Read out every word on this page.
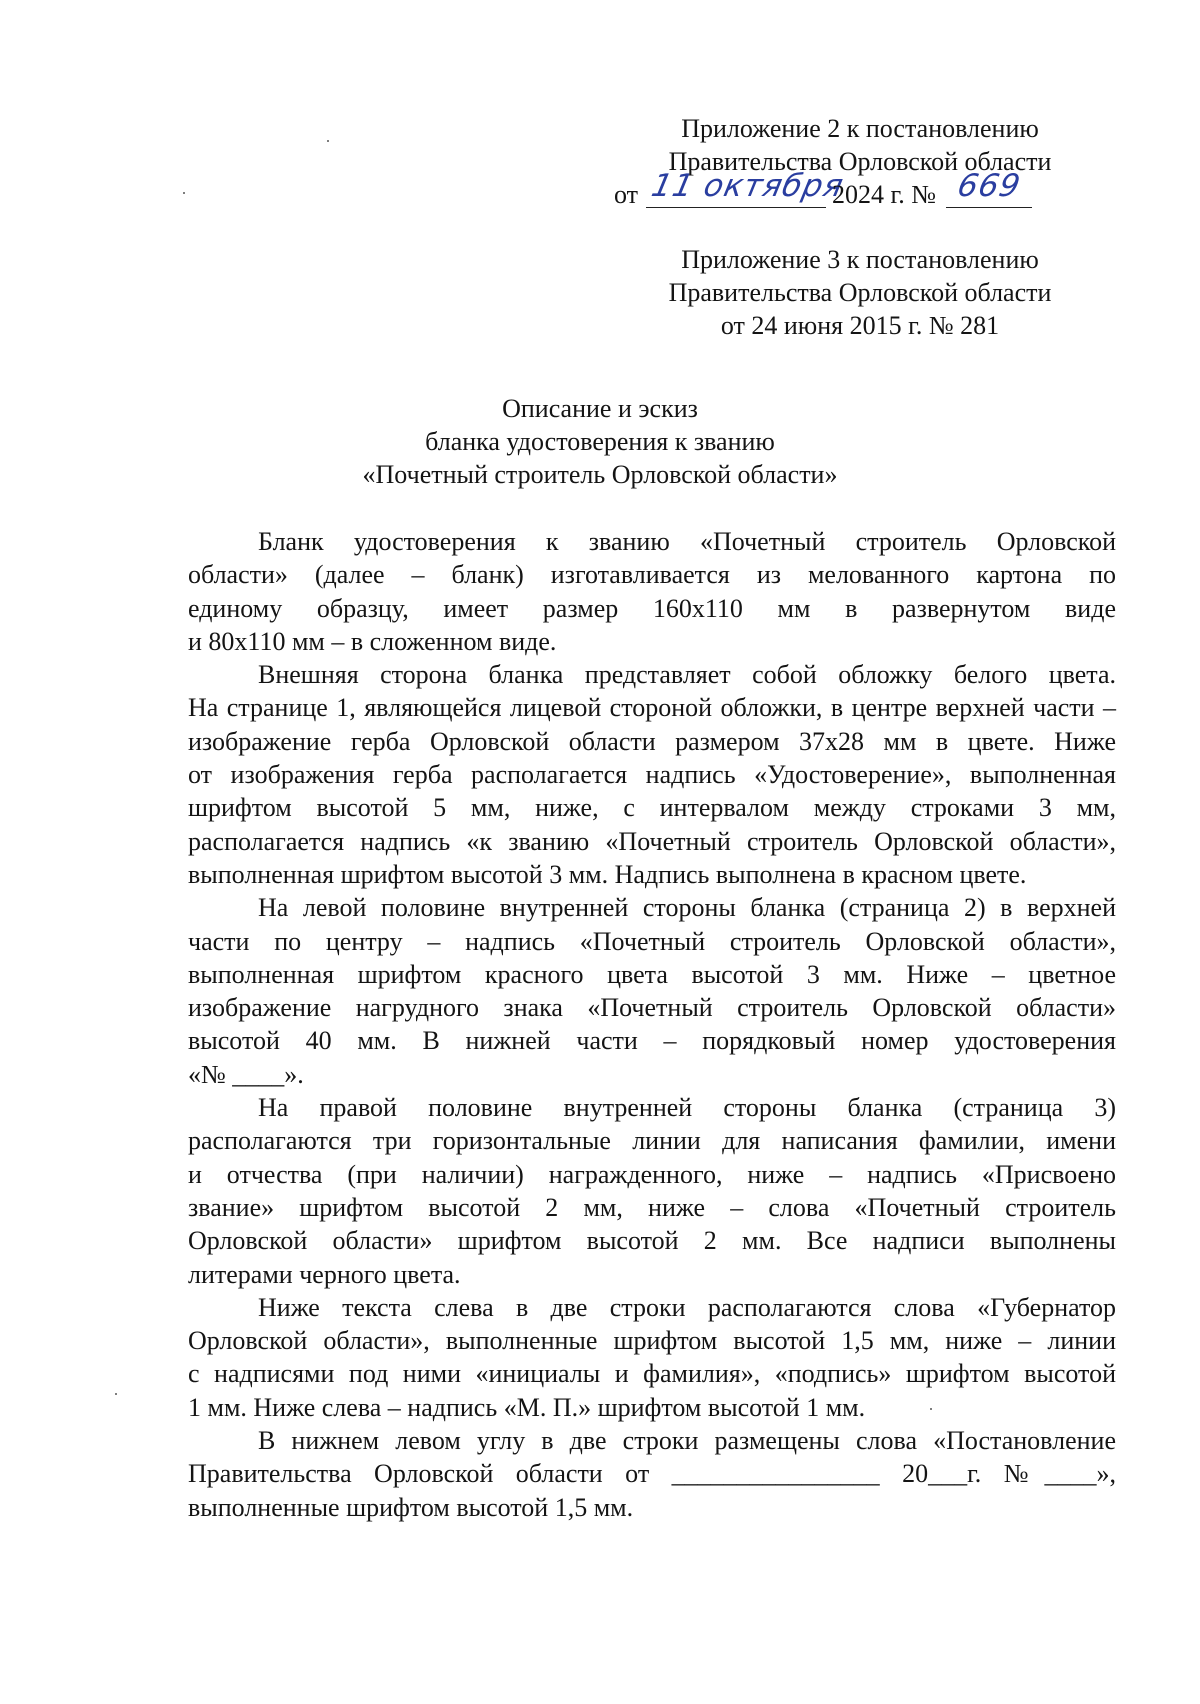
Приложение 2 к постановлению
Правительства Орловской области
от 11 октября
2024 г. № 669
Приложение 3 к постановлению
Правительства Орловской области
от 24 июня 2015 г. № 281
Описание и эскиз
бланка удостоверения к званию
«Почетный строитель Орловской области»
Бланк удостоверения к званию «Почетный строитель Орловской
области» (далее – бланк) изготавливается из мелованного картона по
единому образцу, имеет размер 160x110 мм в развернутом виде
и 80x110 мм – в сложенном виде.
Внешняя сторона бланка представляет собой обложку белого цвета.
На странице 1, являющейся лицевой стороной обложки, в центре верхней части –
изображение герба Орловской области размером 37x28 мм в цвете. Ниже
от изображения герба располагается надпись «Удостоверение», выполненная
шрифтом высотой 5 мм, ниже, с интервалом между строками 3 мм,
располагается надпись «к званию «Почетный строитель Орловской области»,
выполненная шрифтом высотой 3 мм. Надпись выполнена в красном цвете.
На левой половине внутренней стороны бланка (страница 2) в верхней
части по центру – надпись «Почетный строитель Орловской области»,
выполненная шрифтом красного цвета высотой 3 мм. Ниже – цветное
изображение нагрудного знака «Почетный строитель Орловской области»
высотой 40 мм. В нижней части – порядковый номер удостоверения
«№ ____».
На правой половине внутренней стороны бланка (страница 3)
располагаются три горизонтальные линии для написания фамилии, имени
и отчества (при наличии) награжденного, ниже – надпись «Присвоено
звание» шрифтом высотой 2 мм, ниже – слова «Почетный строитель
Орловской области» шрифтом высотой 2 мм. Все надписи выполнены
литерами черного цвета.
Ниже текста слева в две строки располагаются слова «Губернатор
Орловской области», выполненные шрифтом высотой 1,5 мм, ниже – линии
с надписями под ними «инициалы и фамилия», «подпись» шрифтом высотой
1 мм. Ниже слева – надпись «М. П.» шрифтом высотой 1 мм.
В нижнем левом углу в две строки размещены слова «Постановление
Правительства Орловской области от ________________ 20___г. №____»,
выполненные шрифтом высотой 1,5 мм.
